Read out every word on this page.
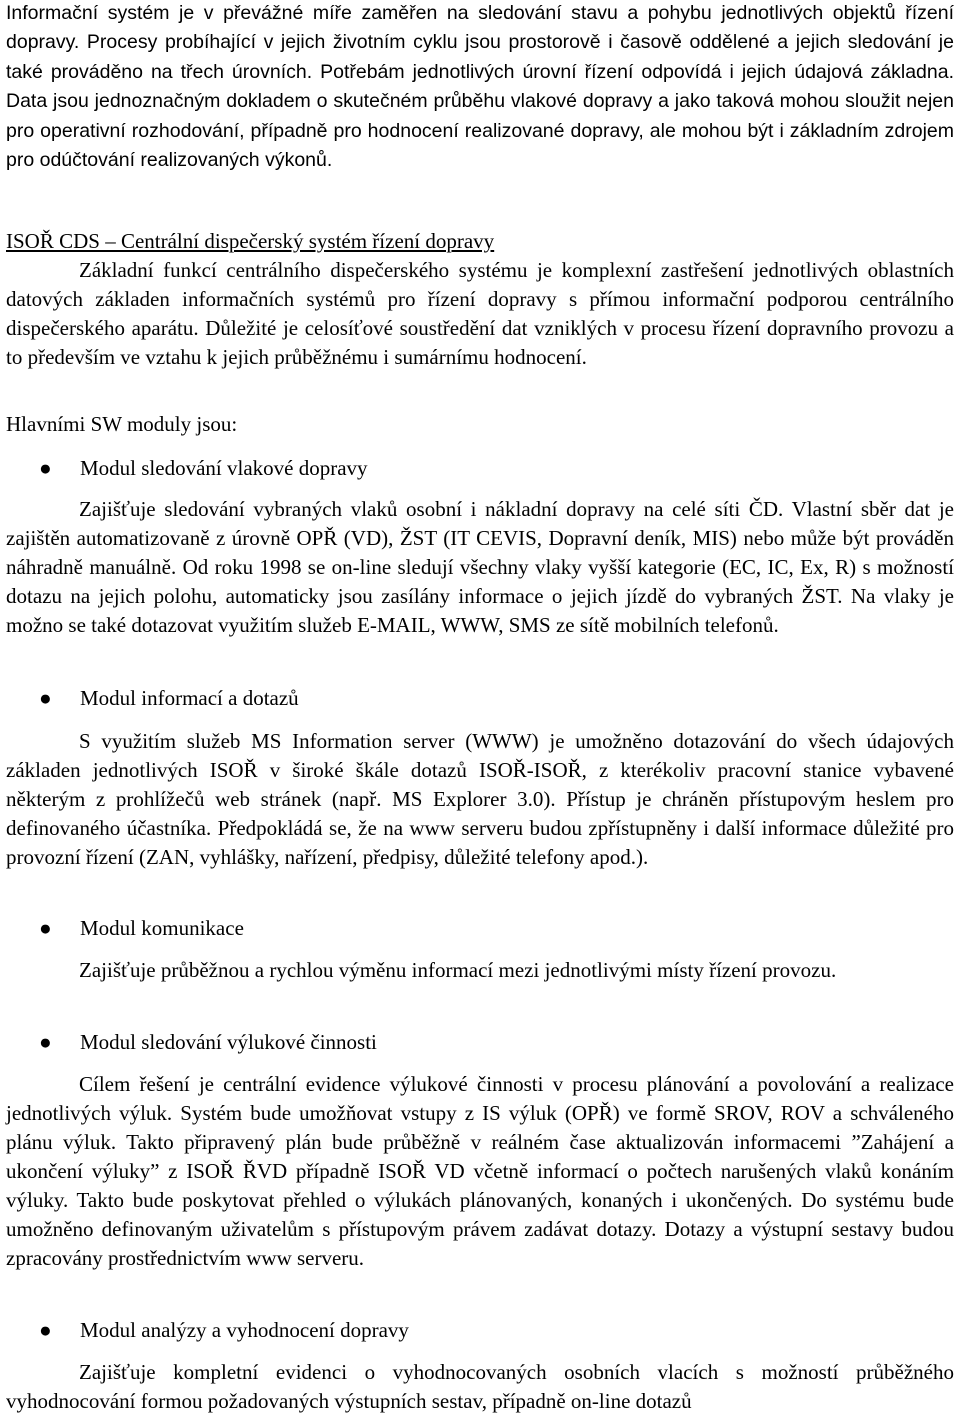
Informační systém je v převážné míře zaměřen na sledování stavu a pohybu jednotlivých objektů řízení dopravy. Procesy probíhající v jejich životním cyklu jsou prostorově i časově oddělené a jejich sledování je také prováděno na třech úrovních. Potřebám jednotlivých úrovní řízení odpovídá i jejich údajová základna. Data jsou jednoznačným dokladem o skutečném průběhu vlakové dopravy a jako taková mohou sloužit nejen pro operativní rozhodování, případně pro hodnocení realizované dopravy, ale mohou být i základním zdrojem pro odúčtování realizovaných výkonů.

ISOŘ CDS – Centrální dispečerský systém řízení dopravy

Základní funkcí centrálního dispečerského systému je komplexní zastřešení jednotlivých oblastních datových základen informačních systémů pro řízení dopravy s přímou informační podporou centrálního dispečerského aparátu. Důležité je celosíťové soustředění dat vzniklých v procesu řízení dopravního provozu a to především ve vztahu k jejich průběžnému i sumárnímu hodnocení.

Hlavními SW moduly jsou:

● Modul sledování vlakové dopravy

Zajišťuje sledování vybraných vlaků osobní i nákladní dopravy na celé síti ČD. Vlastní sběr dat je zajištěn automatizovaně z úrovně OPŘ (VD), ŽST (IT CEVIS, Dopravní deník, MIS) nebo může být prováděn náhradně manuálně. Od roku 1998 se on-line sledují všechny vlaky vyšší kategorie (EC, IC, Ex, R) s možností dotazu na jejich polohu, automaticky jsou zasílány informace o jejich jízdě do vybraných ŽST. Na vlaky je možno se také dotazovat využitím služeb E-MAIL, WWW, SMS ze sítě mobilních telefonů.

● Modul informací a dotazů

S využitím služeb MS Information server (WWW) je umožněno dotazování do všech údajových základen jednotlivých ISOŘ v široké škále dotazů ISOŘ-ISOŘ, z kterékoliv pracovní stanice vybavené některým z prohlížečů web stránek (např. MS Explorer 3.0). Přístup je chráněn přístupovým heslem pro definovaného účastníka. Předpokládá se, že na www serveru budou zpřístupněny i další informace důležité pro provozní řízení (ZAN, vyhlášky, nařízení, předpisy, důležité telefony apod.).

● Modul komunikace

Zajišťuje průběžnou a rychlou výměnu informací mezi jednotlivými místy řízení provozu.

● Modul sledování výlukové činnosti

Cílem řešení je centrální evidence výlukové činnosti v procesu plánování a povolování a realizace jednotlivých výluk. Systém bude umožňovat vstupy z IS výluk (OPŘ) ve formě SROV, ROV a schváleného plánu výluk. Takto připravený plán bude průběžně v reálném čase aktualizován informacemi ”Zahájení a ukončení výluky” z ISOŘ ŘVD případně ISOŘ VD včetně informací o počtech narušených vlaků konáním výluky. Takto bude poskytovat přehled o výlukách plánovaných, konaných i ukončených. Do systému bude umožněno definovaným uživatelům s přístupovým právem zadávat dotazy. Dotazy a výstupní sestavy budou zpracovány prostřednictvím www serveru.

● Modul analýzy a vyhodnocení dopravy

Zajišťuje kompletní evidenci o vyhodnocovaných osobních vlacích s možností průběžného vyhodnocování formou požadovaných výstupních sestav, případně on-line dotazů
